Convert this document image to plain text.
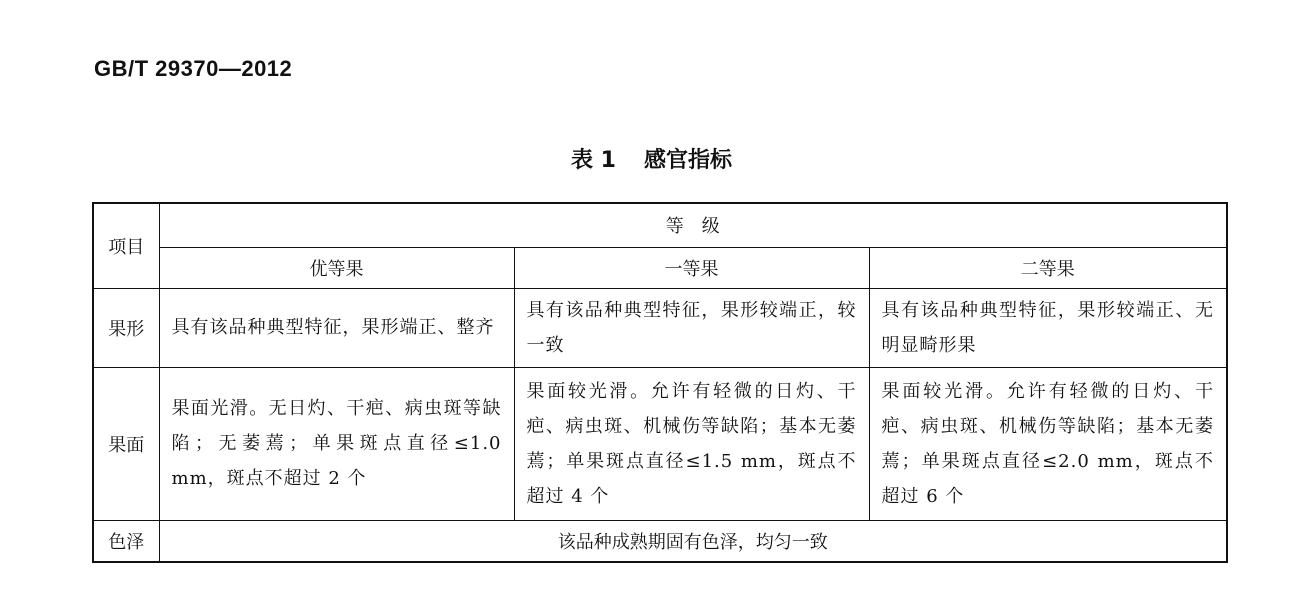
GB/T 29370—2012
表 1 感官指标
项目	等　级		
	优等果	一等果	二等果
果形	具有该品种典型特征，果形端正、整齐	具有该品种典型特征，果形较端正，较一致	具有该品种典型特征，果形较端正、无明显畸形果

果面	果面光滑。无日灼、干疤、病虫斑等缺陷；无萎蔫；单果斑点直径≤1.0 mm，斑点不超过 2 个	果面较光滑。允许有轻微的日灼、干疤、病虫斑、机械伤等缺陷；基本无萎蔫；单果斑点直径≤1.5 mm，斑点不超过 4 个	果面较光滑。允许有轻微的日灼、干疤、病虫斑、机械伤等缺陷；基本无萎蔫；单果斑点直径≤2.0 mm，斑点不超过 6 个

色泽	该品种成熟期固有色泽，均匀一致		
